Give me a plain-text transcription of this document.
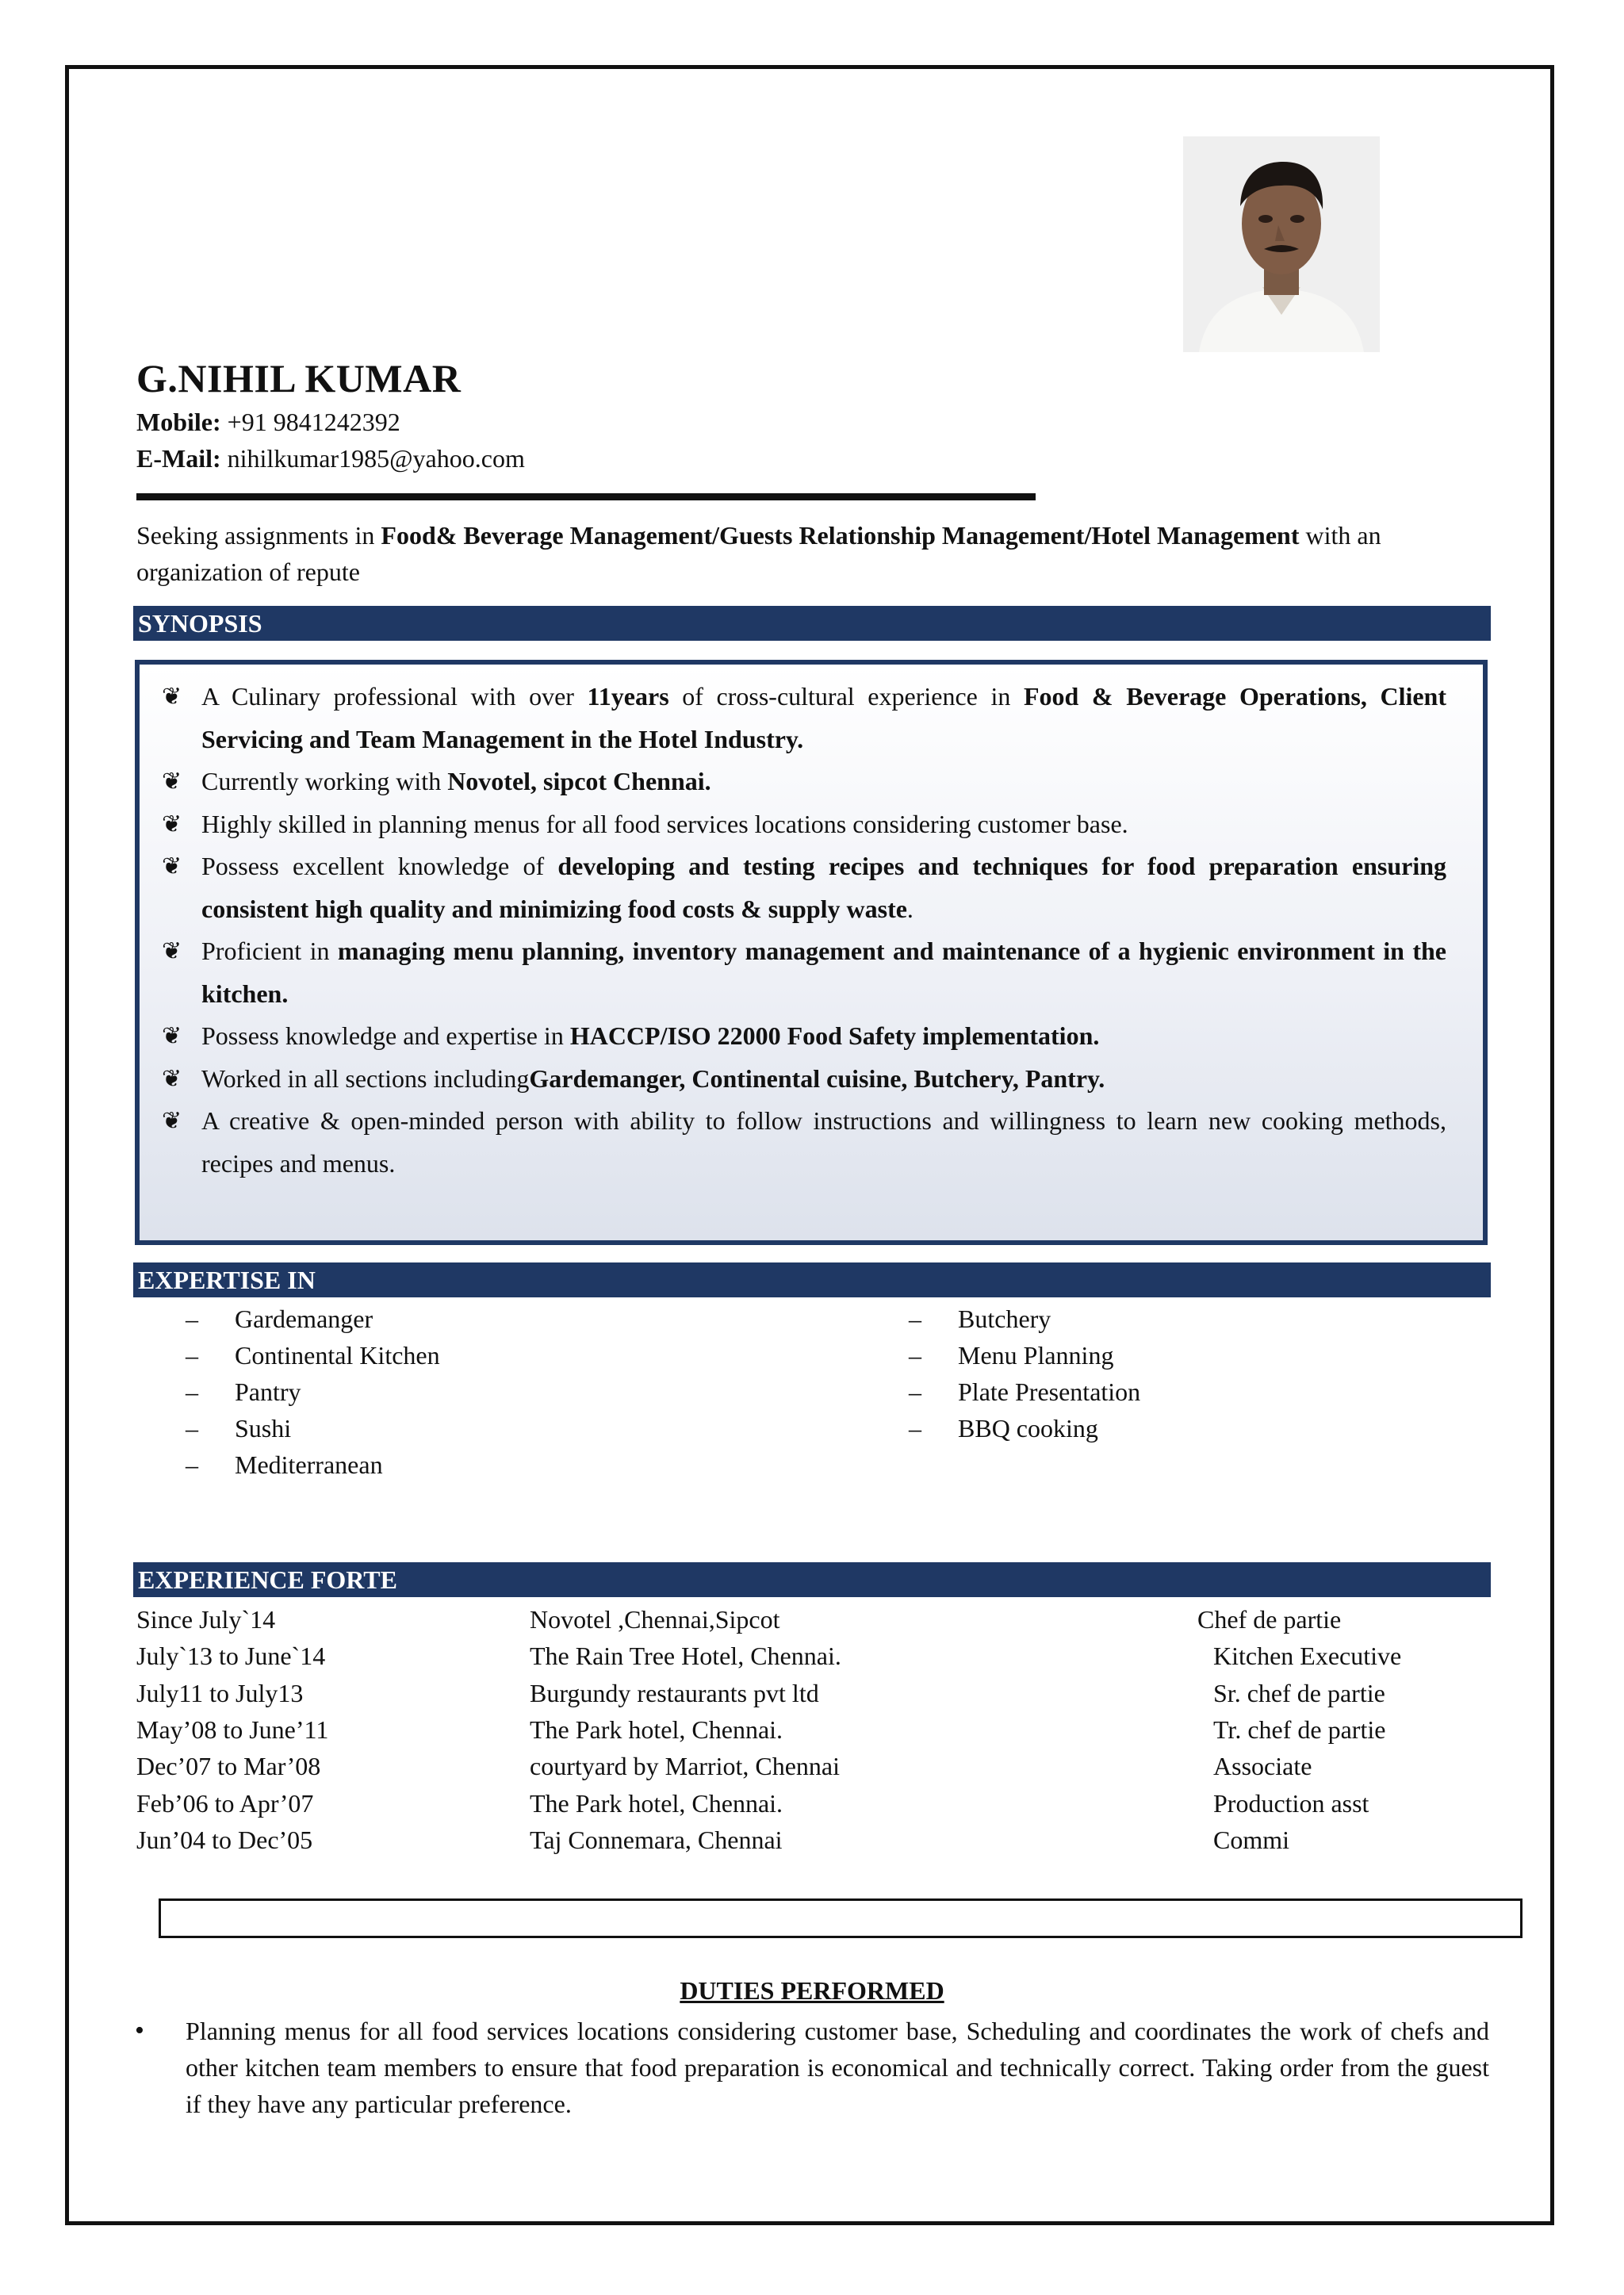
G.NIHIL KUMAR
Mobile: +91 9841242392
E-Mail: nihilkumar1985@yahoo.com
Seeking assignments in Food& Beverage Management/Guests Relationship Management/Hotel Management with an organization of repute
SYNOPSIS
❦ A Culinary professional with over 11years of cross-cultural experience in Food & Beverage Operations, Client Servicing and Team Management in the Hotel Industry.
❦ Currently working with Novotel, sipcot Chennai.
❦ Highly skilled in planning menus for all food services locations considering customer base.
❦ Possess excellent knowledge of developing and testing recipes and techniques for food preparation ensuring consistent high quality and minimizing food costs & supply waste.
❦ Proficient in managing menu planning, inventory management and maintenance of a hygienic environment in the kitchen.
❦ Possess knowledge and expertise in HACCP/ISO 22000 Food Safety implementation.
❦ Worked in all sections includingGardemanger, Continental cuisine, Butchery, Pantry.
❦ A creative & open-minded person with ability to follow instructions and willingness to learn new cooking methods, recipes and menus.
EXPERTISE IN
– Gardemanger
– Continental Kitchen
– Pantry
– Sushi
– Mediterranean
– Butchery
– Menu Planning
– Plate Presentation
– BBQ cooking
EXPERIENCE FORTE
Since July`14	Novotel ,Chennai,Sipcot	Chef de partie
July`13 to June`14	The Rain Tree Hotel, Chennai.	Kitchen Executive
July11 to July13	Burgundy restaurants pvt ltd	Sr. chef de partie
May’08 to June’11	The Park hotel, Chennai.	Tr. chef de partie
Dec’07 to Mar’08	courtyard by Marriot, Chennai	Associate
Feb’06 to Apr’07	The Park hotel, Chennai.	Production asst
Jun’04 to Dec’05	Taj Connemara, Chennai	Commi
DUTIES PERFORMED
•	Planning menus for all food services locations considering customer base, Scheduling and coordinates the work of chefs and other kitchen team members to ensure that food preparation is economical and technically correct. Taking order from the guest if they have any particular preference.
